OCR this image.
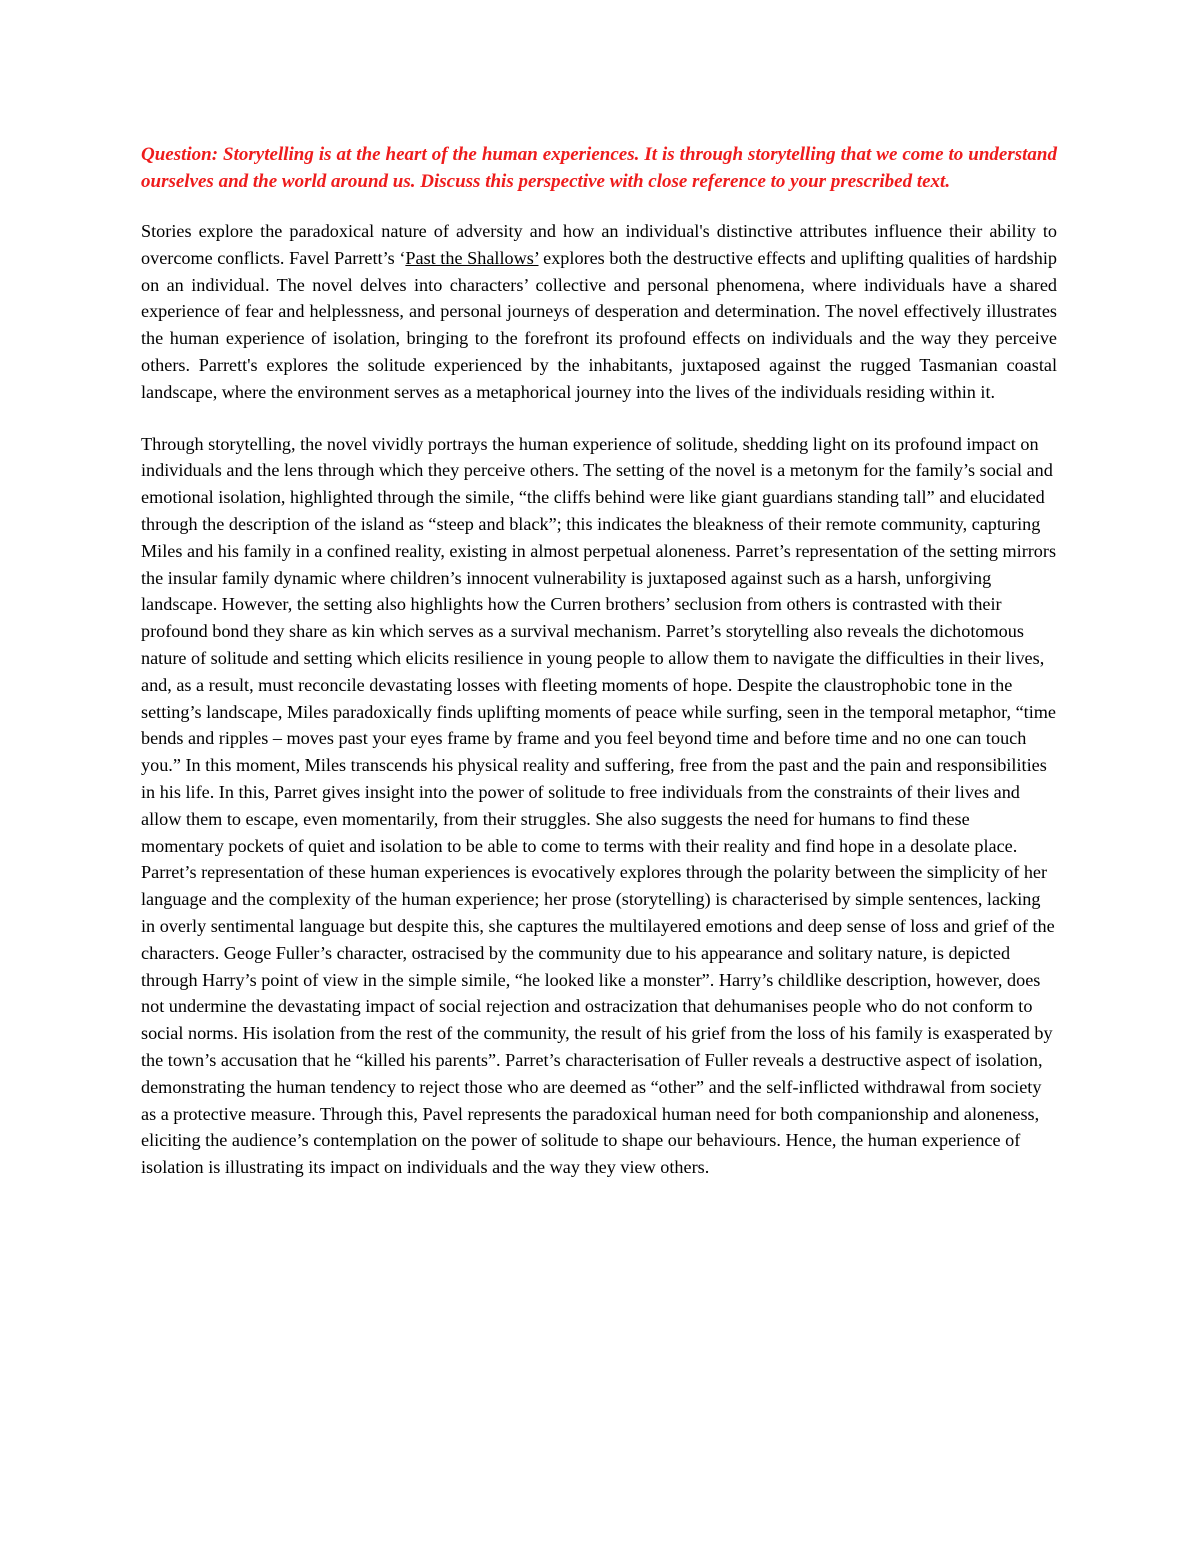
Question: Storytelling is at the heart of the human experiences. It is through storytelling that we come to understand ourselves and the world around us. Discuss this perspective with close reference to your prescribed text.

Stories explore the paradoxical nature of adversity and how an individual's distinctive attributes influence their ability to overcome conflicts. Favel Parrett’s ‘Past the Shallows’ explores both the destructive effects and uplifting qualities of hardship on an individual. The novel delves into characters’ collective and personal phenomena, where individuals have a shared experience of fear and helplessness, and personal journeys of desperation and determination. The novel effectively illustrates the human experience of isolation, bringing to the forefront its profound effects on individuals and the way they perceive others. Parrett's explores the solitude experienced by the inhabitants, juxtaposed against the rugged Tasmanian coastal landscape, where the environment serves as a metaphorical journey into the lives of the individuals residing within it.

Through storytelling, the novel vividly portrays the human experience of solitude, shedding light on its profound impact on individuals and the lens through which they perceive others. The setting of the novel is a metonym for the family’s social and emotional isolation, highlighted through the simile, “the cliffs behind were like giant guardians standing tall” and elucidated through the description of the island as “steep and black”; this indicates the bleakness of their remote community, capturing Miles and his family in a confined reality, existing in almost perpetual aloneness. Parret’s representation of the setting mirrors the insular family dynamic where children’s innocent vulnerability is juxtaposed against such as a harsh, unforgiving landscape. However, the setting also highlights how the Curren brothers’ seclusion from others is contrasted with their profound bond they share as kin which serves as a survival mechanism. Parret’s storytelling also reveals the dichotomous nature of solitude and setting which elicits resilience in young people to allow them to navigate the difficulties in their lives, and, as a result, must reconcile devastating losses with fleeting moments of hope. Despite the claustrophobic tone in the setting’s landscape, Miles paradoxically finds uplifting moments of peace while surfing, seen in the temporal metaphor, “time bends and ripples – moves past your eyes frame by frame and you feel beyond time and before time and no one can touch you.” In this moment, Miles transcends his physical reality and suffering, free from the past and the pain and responsibilities in his life. In this, Parret gives insight into the power of solitude to free individuals from the constraints of their lives and allow them to escape, even momentarily, from their struggles. She also suggests the need for humans to find these momentary pockets of quiet and isolation to be able to come to terms with their reality and find hope in a desolate place. Parret’s representation of these human experiences is evocatively explores through the polarity between the simplicity of her language and the complexity of the human experience; her prose (storytelling) is characterised by simple sentences, lacking in overly sentimental language but despite this, she captures the multilayered emotions and deep sense of loss and grief of the characters. Geoge Fuller’s character, ostracised by the community due to his appearance and solitary nature, is depicted through Harry’s point of view in the simple simile, “he looked like a monster”. Harry’s childlike description, however, does not undermine the devastating impact of social rejection and ostracization that dehumanises people who do not conform to social norms. His isolation from the rest of the community, the result of his grief from the loss of his family is exasperated by the town’s accusation that he “killed his parents”. Parret’s characterisation of Fuller reveals a destructive aspect of isolation, demonstrating the human tendency to reject those who are deemed as “other” and the self-inflicted withdrawal from society as a protective measure. Through this, Pavel represents the paradoxical human need for both companionship and aloneness, eliciting the audience’s contemplation on the power of solitude to shape our behaviours. Hence, the human experience of isolation is illustrating its impact on individuals and the way they view others.
